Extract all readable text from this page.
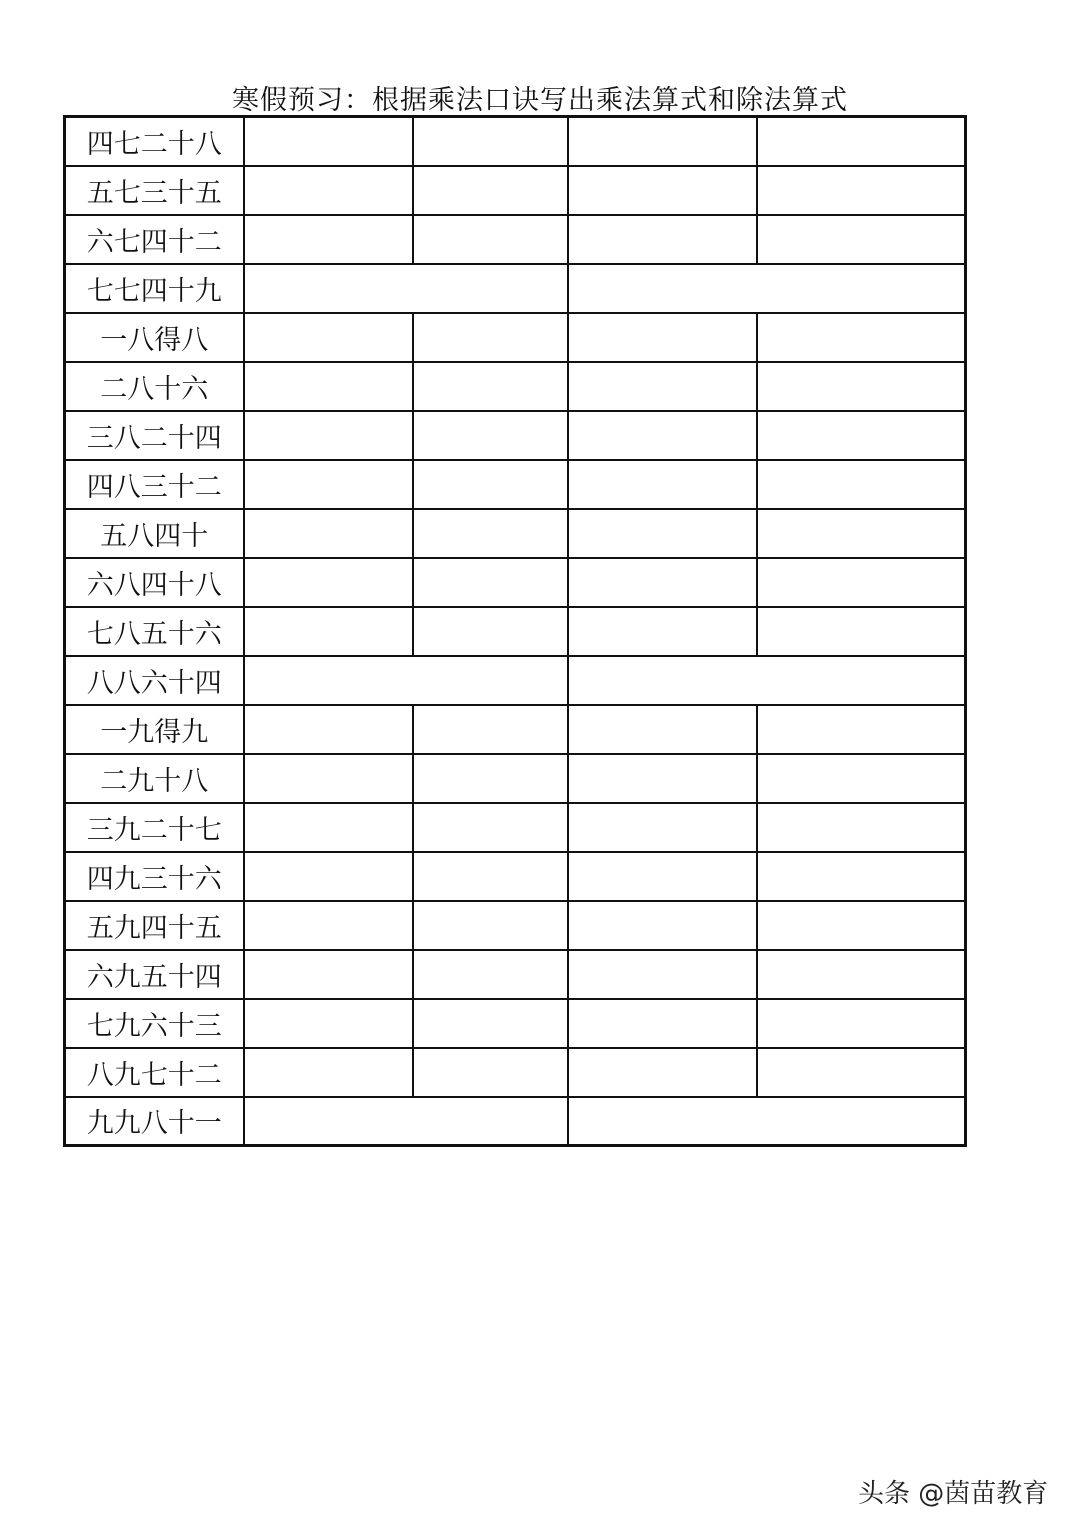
寒假预习：根据乘法口诀写出乘法算式和除法算式
四七二十八				
五七三十五				
六七四十二				
七七四十九				
一八得八				
二八十六				
三八二十四				
四八三十二				
五八四十				
六八四十八				
七八五十六				
八八六十四				
一九得九				
二九十八				
三九二十七				
四九三十六				
五九四十五				
六九五十四				
七九六十三				
八九七十二				
九九八十一				
头条 @茵苗教育
